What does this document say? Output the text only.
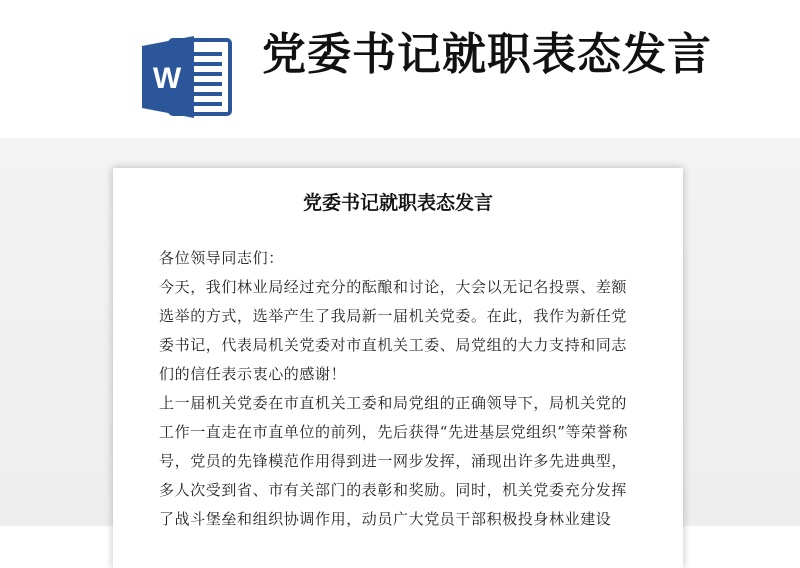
W 党委书记就职表态发言
党委书记就职表态发言

各位领导同志们：

今天，我们林业局经过充分的酝酿和讨论，大会以无记名投票、差额选举的方式，选举产生了我局新一届机关党委。在此，我作为新任党委书记，代表局机关党委对市直机关工委、局党组的大力支持和同志们的信任表示衷心的感谢！

上一届机关党委在市直机关工委和局党组的正确领导下，局机关党的工作一直走在市直单位的前列，先后获得“先进基层党组织”等荣誉称号，党员的先锋模范作用得到进一网步发挥，涌现出许多先进典型，多人次受到省、市有关部门的表彰和奖励。同时，机关党委充分发挥了战斗堡垒和组织协调作用，动员广大党员干部积极投身林业建设
